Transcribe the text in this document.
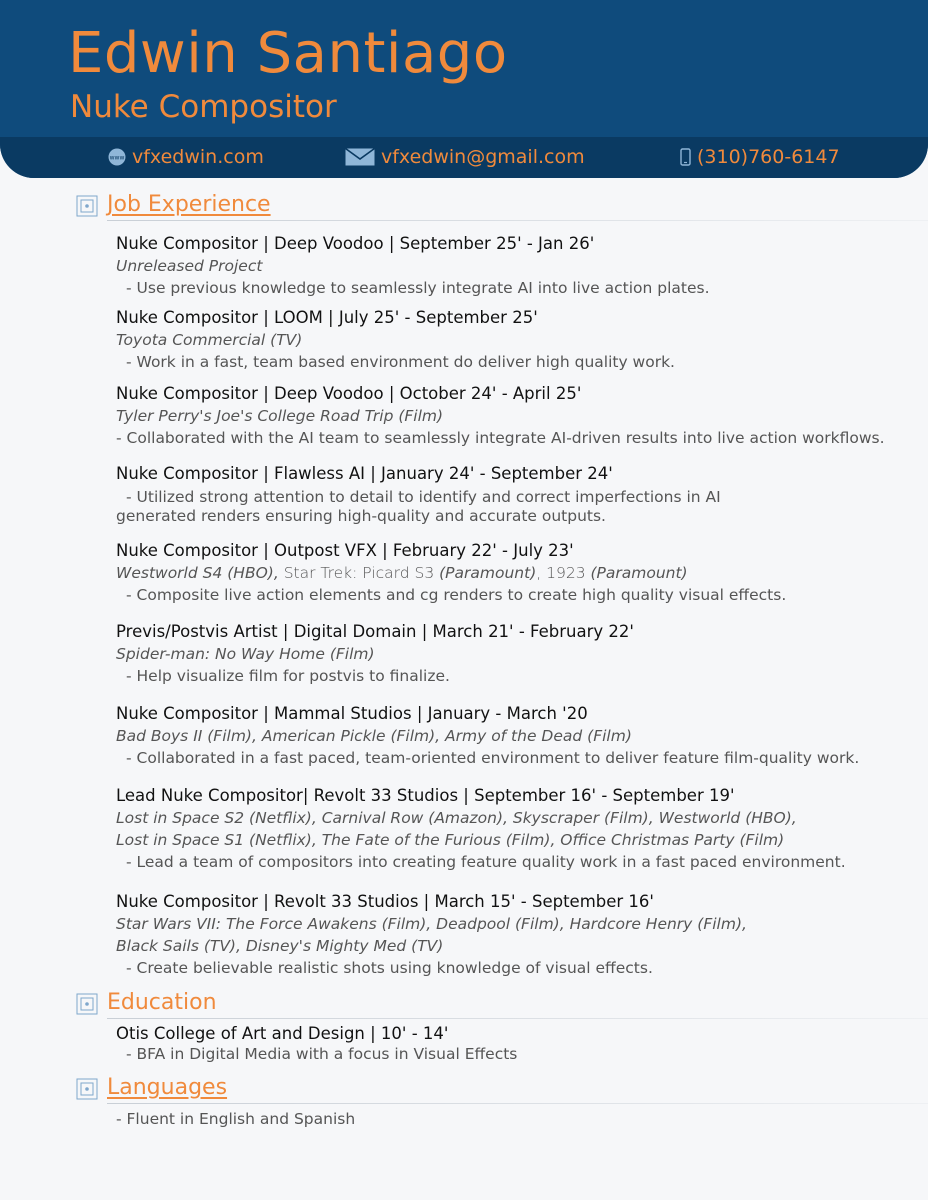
Edwin Santiago
Nuke Compositor
www vfxedwin.com	vfxedwin@gmail.com	(310)760-6147
Job Experience
Nuke Compositor | Deep Voodoo | September 25' - Jan 26'
Unreleased Project
- Use previous knowledge to seamlessly integrate AI into live action plates.
Nuke Compositor | LOOM | July 25' - September 25'
Toyota Commercial (TV)
- Work in a fast, team based environment do deliver high quality work.
Nuke Compositor | Deep Voodoo | October 24' - April 25'
Tyler Perry's Joe's College Road Trip (Film)
- Collaborated with the AI team to seamlessly integrate AI-driven results into live action workflows.
Nuke Compositor | Flawless AI | January 24' - September 24'
- Utilized strong attention to detail to identify and correct imperfections in AI generated renders ensuring high-quality and accurate outputs.
Nuke Compositor | Outpost VFX | February 22' - July 23'
Westworld S4 (HBO), Star Trek: Picard S3 (Paramount), 1923 (Paramount)
- Composite live action elements and cg renders to create high quality visual effects.
Previs/Postvis Artist | Digital Domain | March 21' - February 22'
Spider-man: No Way Home (Film)
- Help visualize film for postvis to finalize.
Nuke Compositor | Mammal Studios | January - March '20
Bad Boys II (Film), American Pickle (Film), Army of the Dead (Film)
- Collaborated in a fast paced, team-oriented environment to deliver feature film-quality work.
Lead Nuke Compositor| Revolt 33 Studios | September 16' - September 19'
Lost in Space S2 (Netflix), Carnival Row (Amazon), Skyscraper (Film), Westworld (HBO),
Lost in Space S1 (Netflix), The Fate of the Furious (Film), Office Christmas Party (Film)
- Lead a team of compositors into creating feature quality work in a fast paced environment.
Nuke Compositor | Revolt 33 Studios | March 15' - September 16'
Star Wars VII: The Force Awakens (Film), Deadpool (Film), Hardcore Henry (Film),
Black Sails (TV), Disney's Mighty Med (TV)
- Create believable realistic shots using knowledge of visual effects.
Education
Otis College of Art and Design | 10' - 14'
- BFA in Digital Media with a focus in Visual Effects
Languages
- Fluent in English and Spanish
